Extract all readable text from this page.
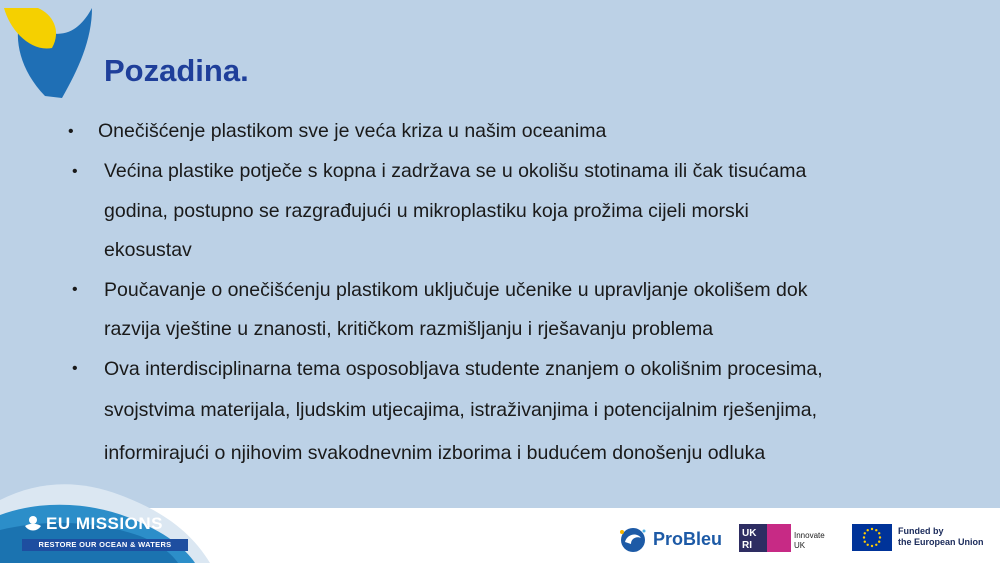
Pozadina.
• Onečišćenje plastikom sve je veća kriza u našim oceanima
• Većina plastike potječe s kopna i zadržava se u okolišu stotinama ili čak tisućama
godina, postupno se razgrađujući u mikroplastiku koja prožima cijeli morski
ekosustav
• Poučavanje o onečišćenju plastikom uključuje učenike u upravljanje okolišem dok
razvija vještine u znanosti, kritičkom razmišljanju i rješavanju problema
• Ova interdisciplinarna tema osposobljava studente znanjem o okolišnim procesima,
svojstvima materijala, ljudskim utjecajima, istraživanjima i potencijalnim rješenjima,
informirajući o njihovim svakodnevnim izborima i budućem donošenju odluka
EU MISSIONS
RESTORE OUR OCEAN & WATERS	ProBleu UK
RI
Innovate
UK
Funded by
the European Union
